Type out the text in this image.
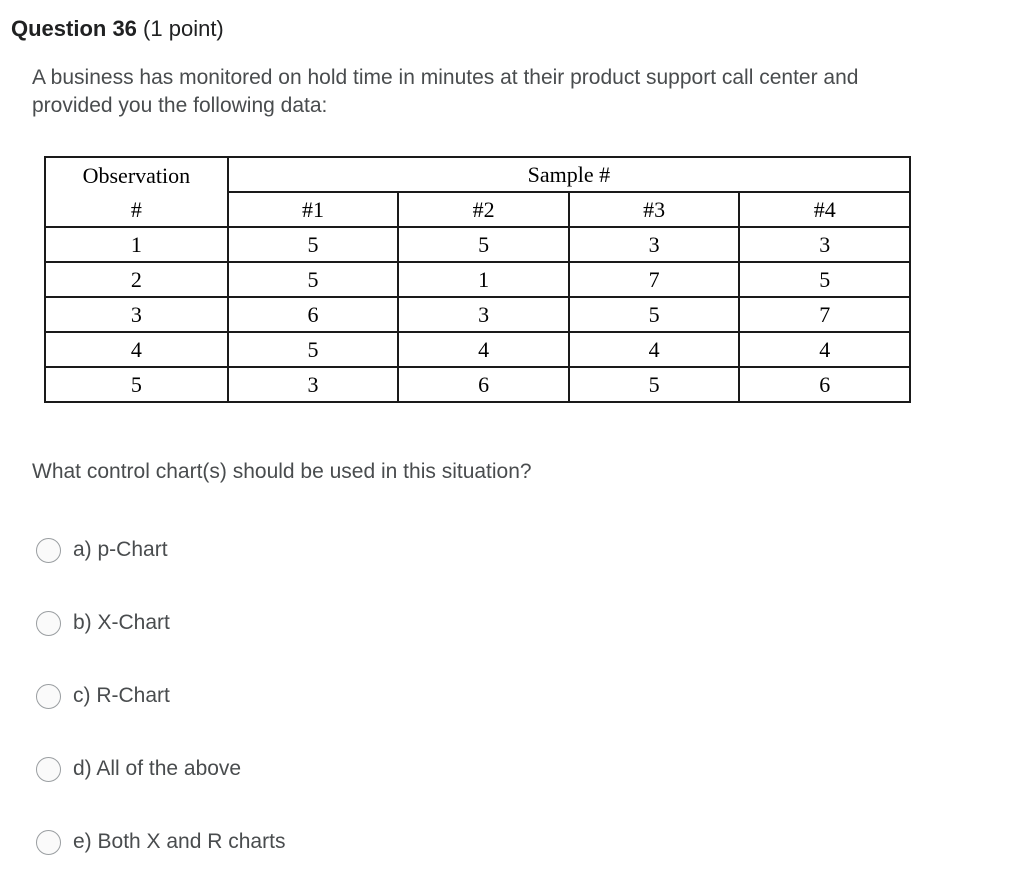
Question 36 (1 point)
A business has monitored on hold time in minutes at their product support call center and provided you the following data:
Observation	Sample #			
#	#1	#2	#3	#4
1	5	5	3	3
2	5	1	7	5
3	6	3	5	7
4	5	4	4	4
5	3	6	5	6
What control chart(s) should be used in this situation?
a) p-Chart
b) X-Chart
c) R-Chart
d) All of the above
e) Both X and R charts
